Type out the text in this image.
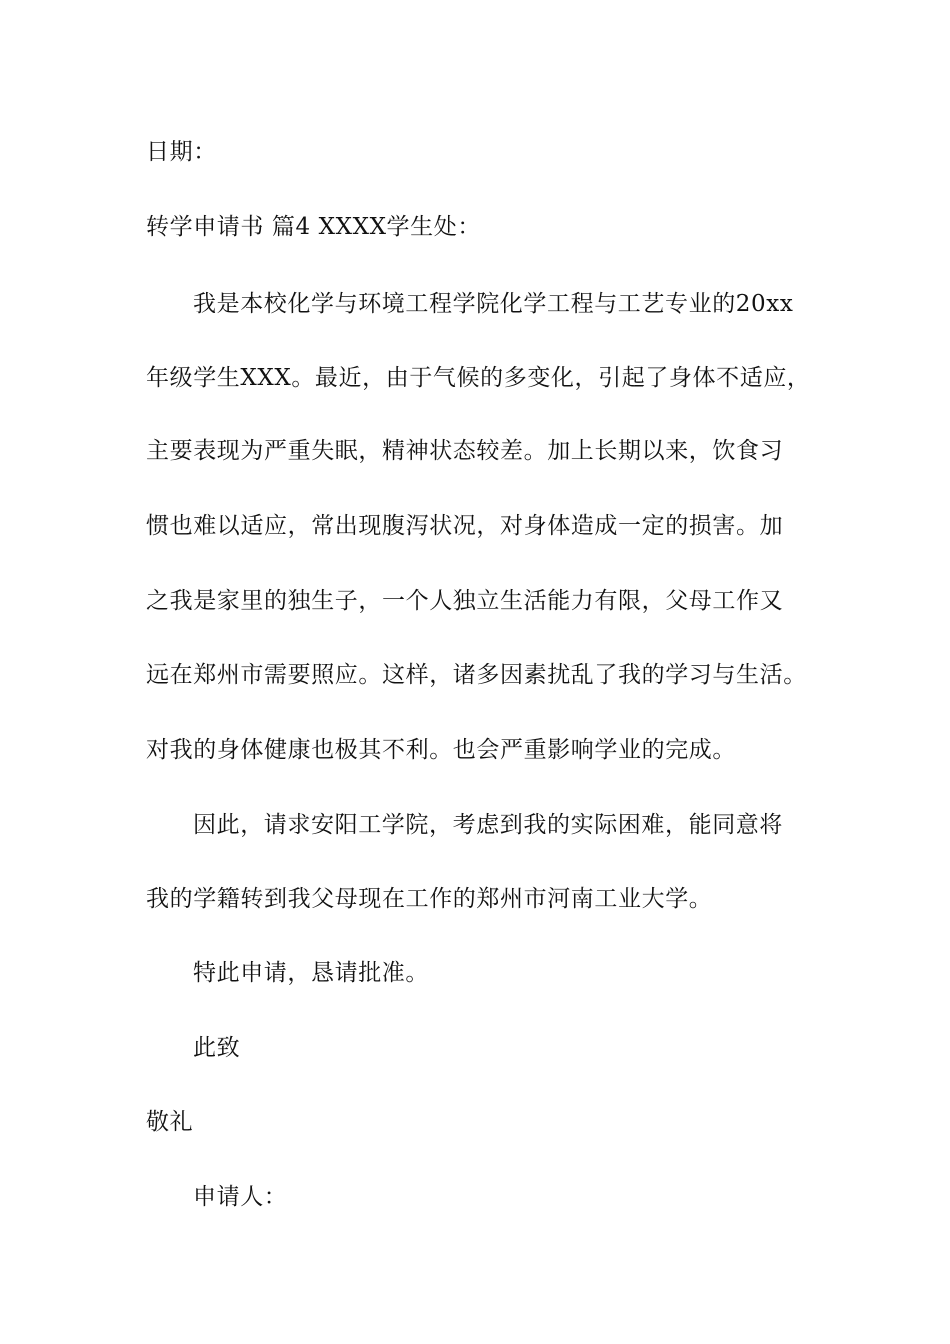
日期：
转学申请书 篇4 XXXX学生处：
我是本校化学与环境工程学院化学工程与工艺专业的20xx
年级学生XXX。最近，由于气候的多变化，引起了身体不适应，
主要表现为严重失眠，精神状态较差。加上长期以来，饮食习
惯也难以适应，常出现腹泻状况，对身体造成一定的损害。加
之我是家里的独生子，一个人独立生活能力有限，父母工作又
远在郑州市需要照应。这样，诸多因素扰乱了我的学习与生活。
对我的身体健康也极其不利。也会严重影响学业的完成。
因此，请求安阳工学院，考虑到我的实际困难，能同意将
我的学籍转到我父母现在工作的郑州市河南工业大学。
特此申请，恳请批准。
此致
敬礼
申请人：
